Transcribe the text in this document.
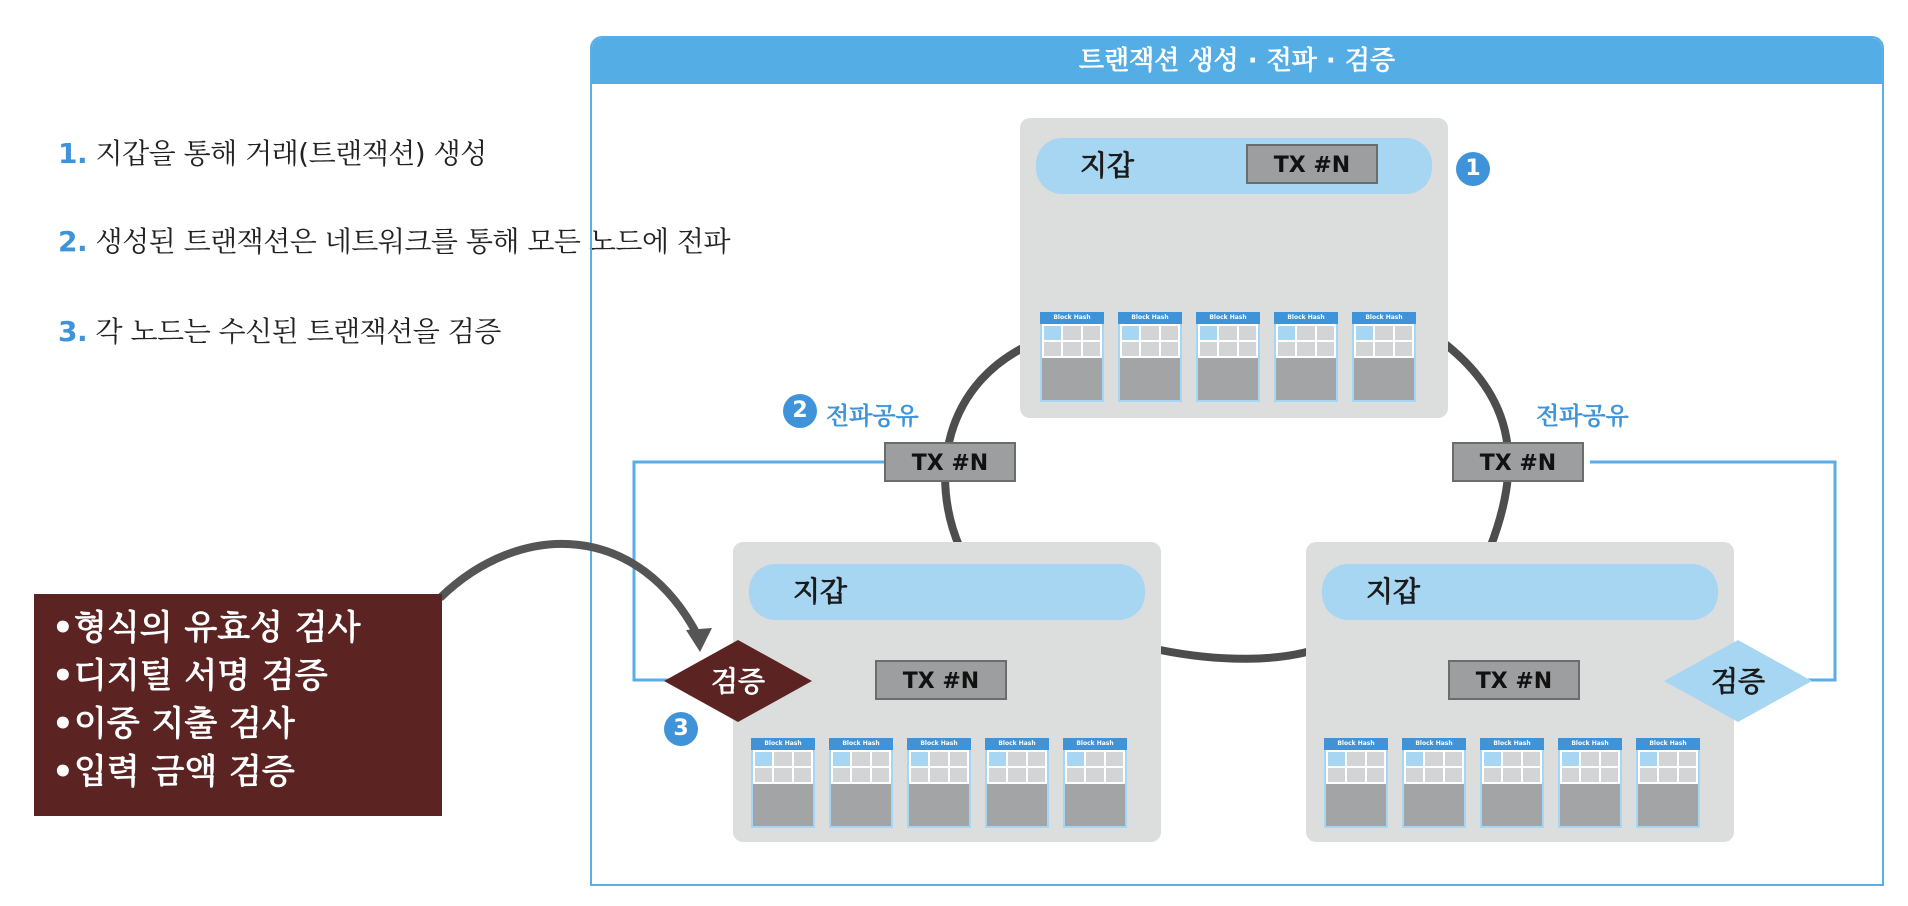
1. 지갑을 통해 거래(트랜잭션) 생성
2. 생성된 트랜잭션은 네트워크를 통해 모든 노드에 전파
3. 각 노드는 수신된 트랜잭션을 검증
트랜잭션 생성 · 전파 · 검증
지갑	TX #N
Block Hash	Block Hash	Block Hash	Block Hash	Block Hash
지갑
TX #N
Block Hash	Block Hash	Block Hash	Block Hash	Block Hash
지갑
TX #N
Block Hash	Block Hash	Block Hash	Block Hash	Block Hash
TX #N	TX #N
2 전파공유	전파공유
1
3
검증	검증
•형식의 유효성 검사
•디지털 서명 검증
•이중 지출 검사
•입력 금액 검증
